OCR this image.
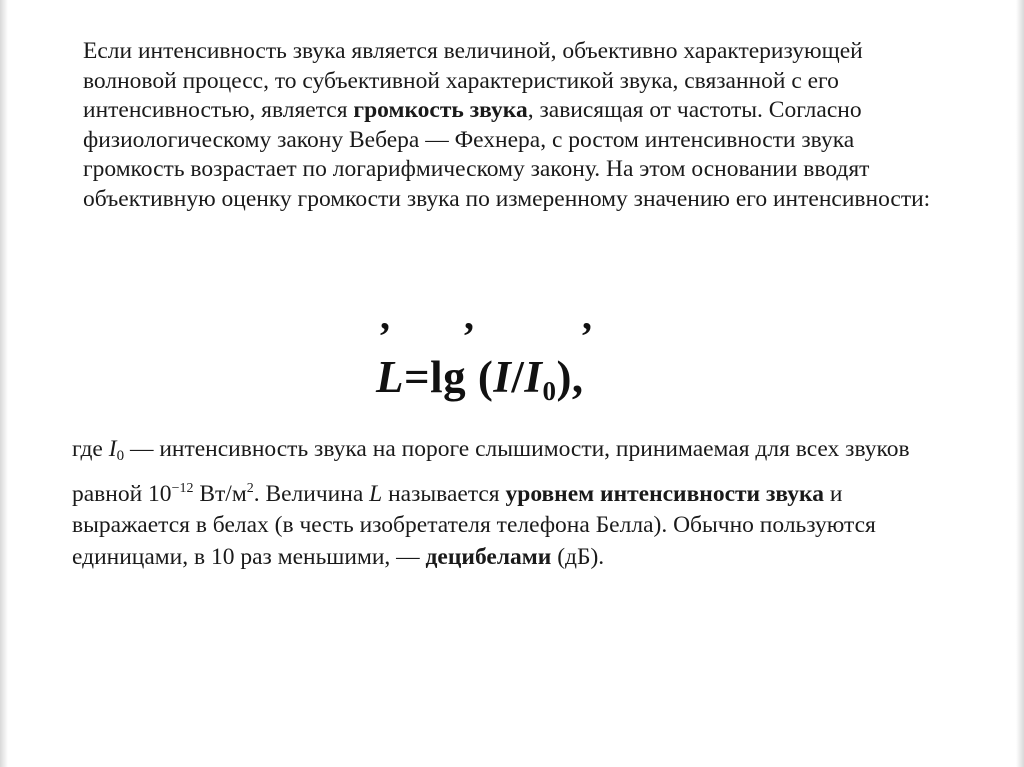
Если интенсивность звука является величиной, объективно характеризующей волновой процесс, то субъективной характеристикой звука, связанной с его интенсивностью, является громкость звука, зависящая от частоты. Согласно физиологическому закону Вебера — Фехнера, с ростом интенсивности звука громкость возрастает по логарифмическому закону. На этом основании вводят объективную оценку громкости звука по измеренному значению его интенсивности:

, ,	,
L=lg $(I/I_0)$,

где $I_0$ — интенсивность звука на пороге слышимости, принимаемая для всех звуков равной $10^{-12}$ $Вт/м^2$. Величина L называется уровнем интенсивности звука и выражается в белах (в честь изобретателя телефона Белла). Обычно пользуются единицами, в 10 раз меньшими, — децибелами (дБ).
